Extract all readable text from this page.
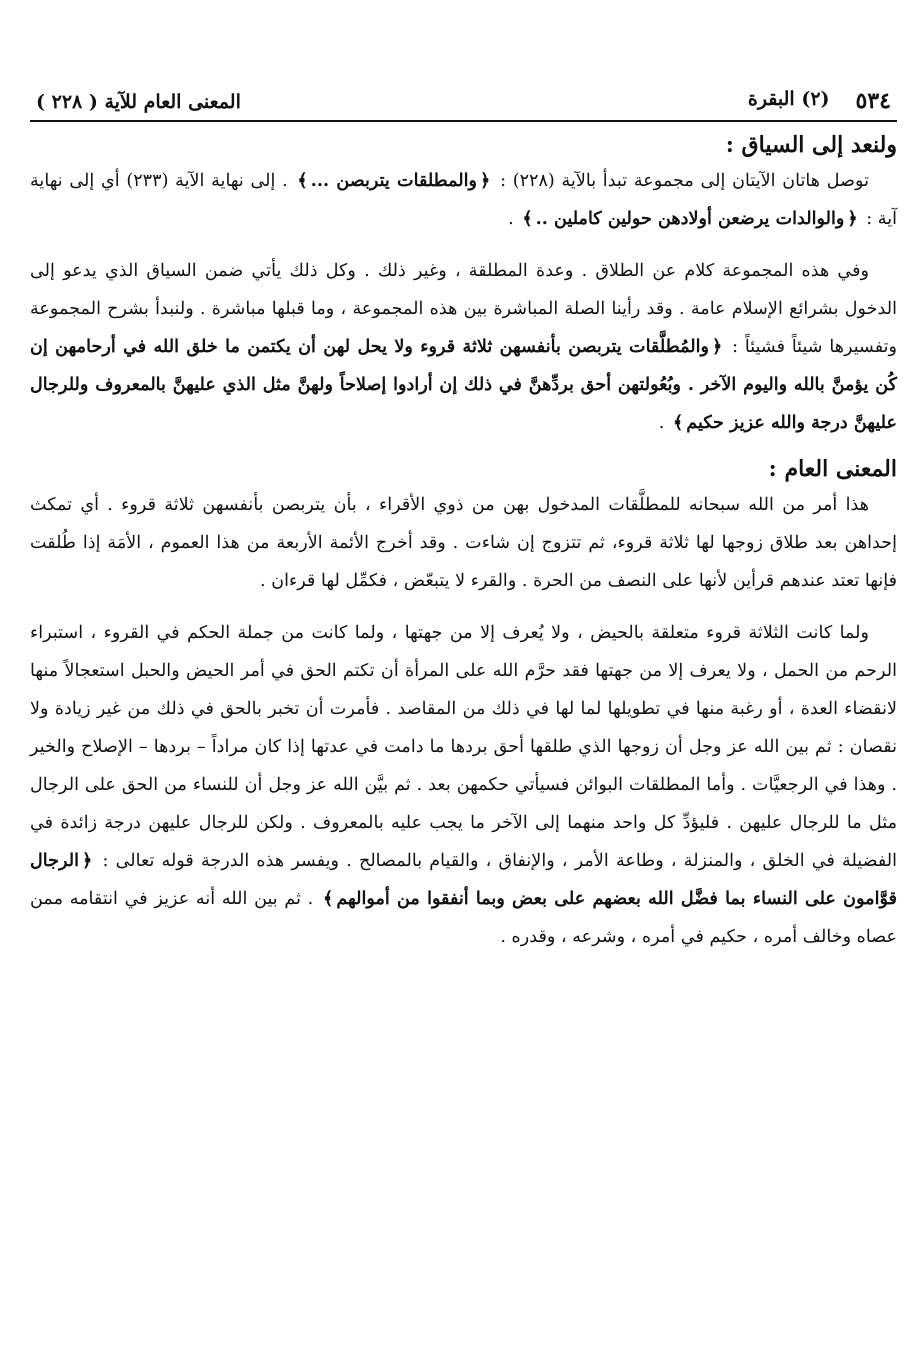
٥٣٤
(٢) البقرة
المعنى العام للآية ( ٢٢٨ )
ولنعد إلى السياق :

توصل هاتان الآيتان إلى مجموعة تبدأ بالآية (٢٢٨) : ﴿والمطلقات يتربصن ...﴾ . إلى نهاية الآية (٢٣٣) أي إلى نهاية آية : ﴿والوالدات يرضعن أولادهن حولين كاملين ..﴾ .

وفي هذه المجموعة كلام عن الطلاق . وعدة المطلقة ، وغير ذلك . وكل ذلك يأتي ضمن السياق الذي يدعو إلى الدخول بشرائع الإسلام عامة . وقد رأينا الصلة المباشرة بين هذه المجموعة ، وما قبلها مباشرة . ولنبدأ بشرح المجموعة وتفسيرها شيئاً فشيئاً : ﴿والمُطلَّقات يتربصن بأنفسهن ثلاثة قروء ولا يحل لهن أن يكتمن ما خلق الله في أرحامهن إن كُن يؤمنَّ بالله واليوم الآخر . وبُعُولتهن أحق بردِّهنَّ في ذلك إن أرادوا إصلاحاً ولهنَّ مثل الذي عليهنَّ بالمعروف وللرجال عليهنَّ درجة والله عزيز حكيم﴾ .

المعنى العام :

هذا أمر من الله سبحانه للمطلَّقات المدخول بهن من ذوي الأقراء ، بأن يتربصن بأنفسهن ثلاثة قروء . أي تمكث إحداهن بعد طلاق زوجها لها ثلاثة قروء، ثم تتزوج إن شاءت . وقد أخرج الأئمة الأربعة من هذا العموم ، الأمَة إذا طُلقت فإنها تعتد عندهم قرأين لأنها على النصف من الحرة . والقرء لا يتبعّض ، فكمِّل لها قرءان .

ولما كانت الثلاثة قروء متعلقة بالحيض ، ولا يُعرف إلا من جهتها ، ولما كانت من جملة الحكم في القروء ، استبراء الرحم من الحمل ، ولا يعرف إلا من جهتها فقد حرَّم الله على المرأة أن تكتم الحق في أمر الحيض والحبل استعجالاً منها لانقضاء العدة ، أو رغبة منها في تطويلها لما لها في ذلك من المقاصد . فأمرت أن تخبر بالحق في ذلك من غير زيادة ولا نقصان : ثم بين الله عز وجل أن زوجها الذي طلقها أحق بردها ما دامت في عدتها إذا كان مراداً – بردها – الإصلاح والخير . وهذا في الرجعيَّات . وأما المطلقات البوائن فسيأتي حكمهن بعد . ثم بيَّن الله عز وجل أن للنساء من الحق على الرجال مثل ما للرجال عليهن . فليؤدِّ كل واحد منهما إلى الآخر ما يجب عليه بالمعروف . ولكن للرجال عليهن درجة زائدة في الفضيلة في الخلق ، والمنزلة ، وطاعة الأمر ، والإنفاق ، والقيام بالمصالح . ويفسر هذه الدرجة قوله تعالى : ﴿الرجال قوَّامون على النساء بما فضَّل الله بعضهم على بعض وبما أنفقوا من أموالهم﴾ . ثم بين الله أنه عزيز في انتقامه ممن عصاه وخالف أمره ، حكيم في أمره ، وشرعه ، وقدره .
